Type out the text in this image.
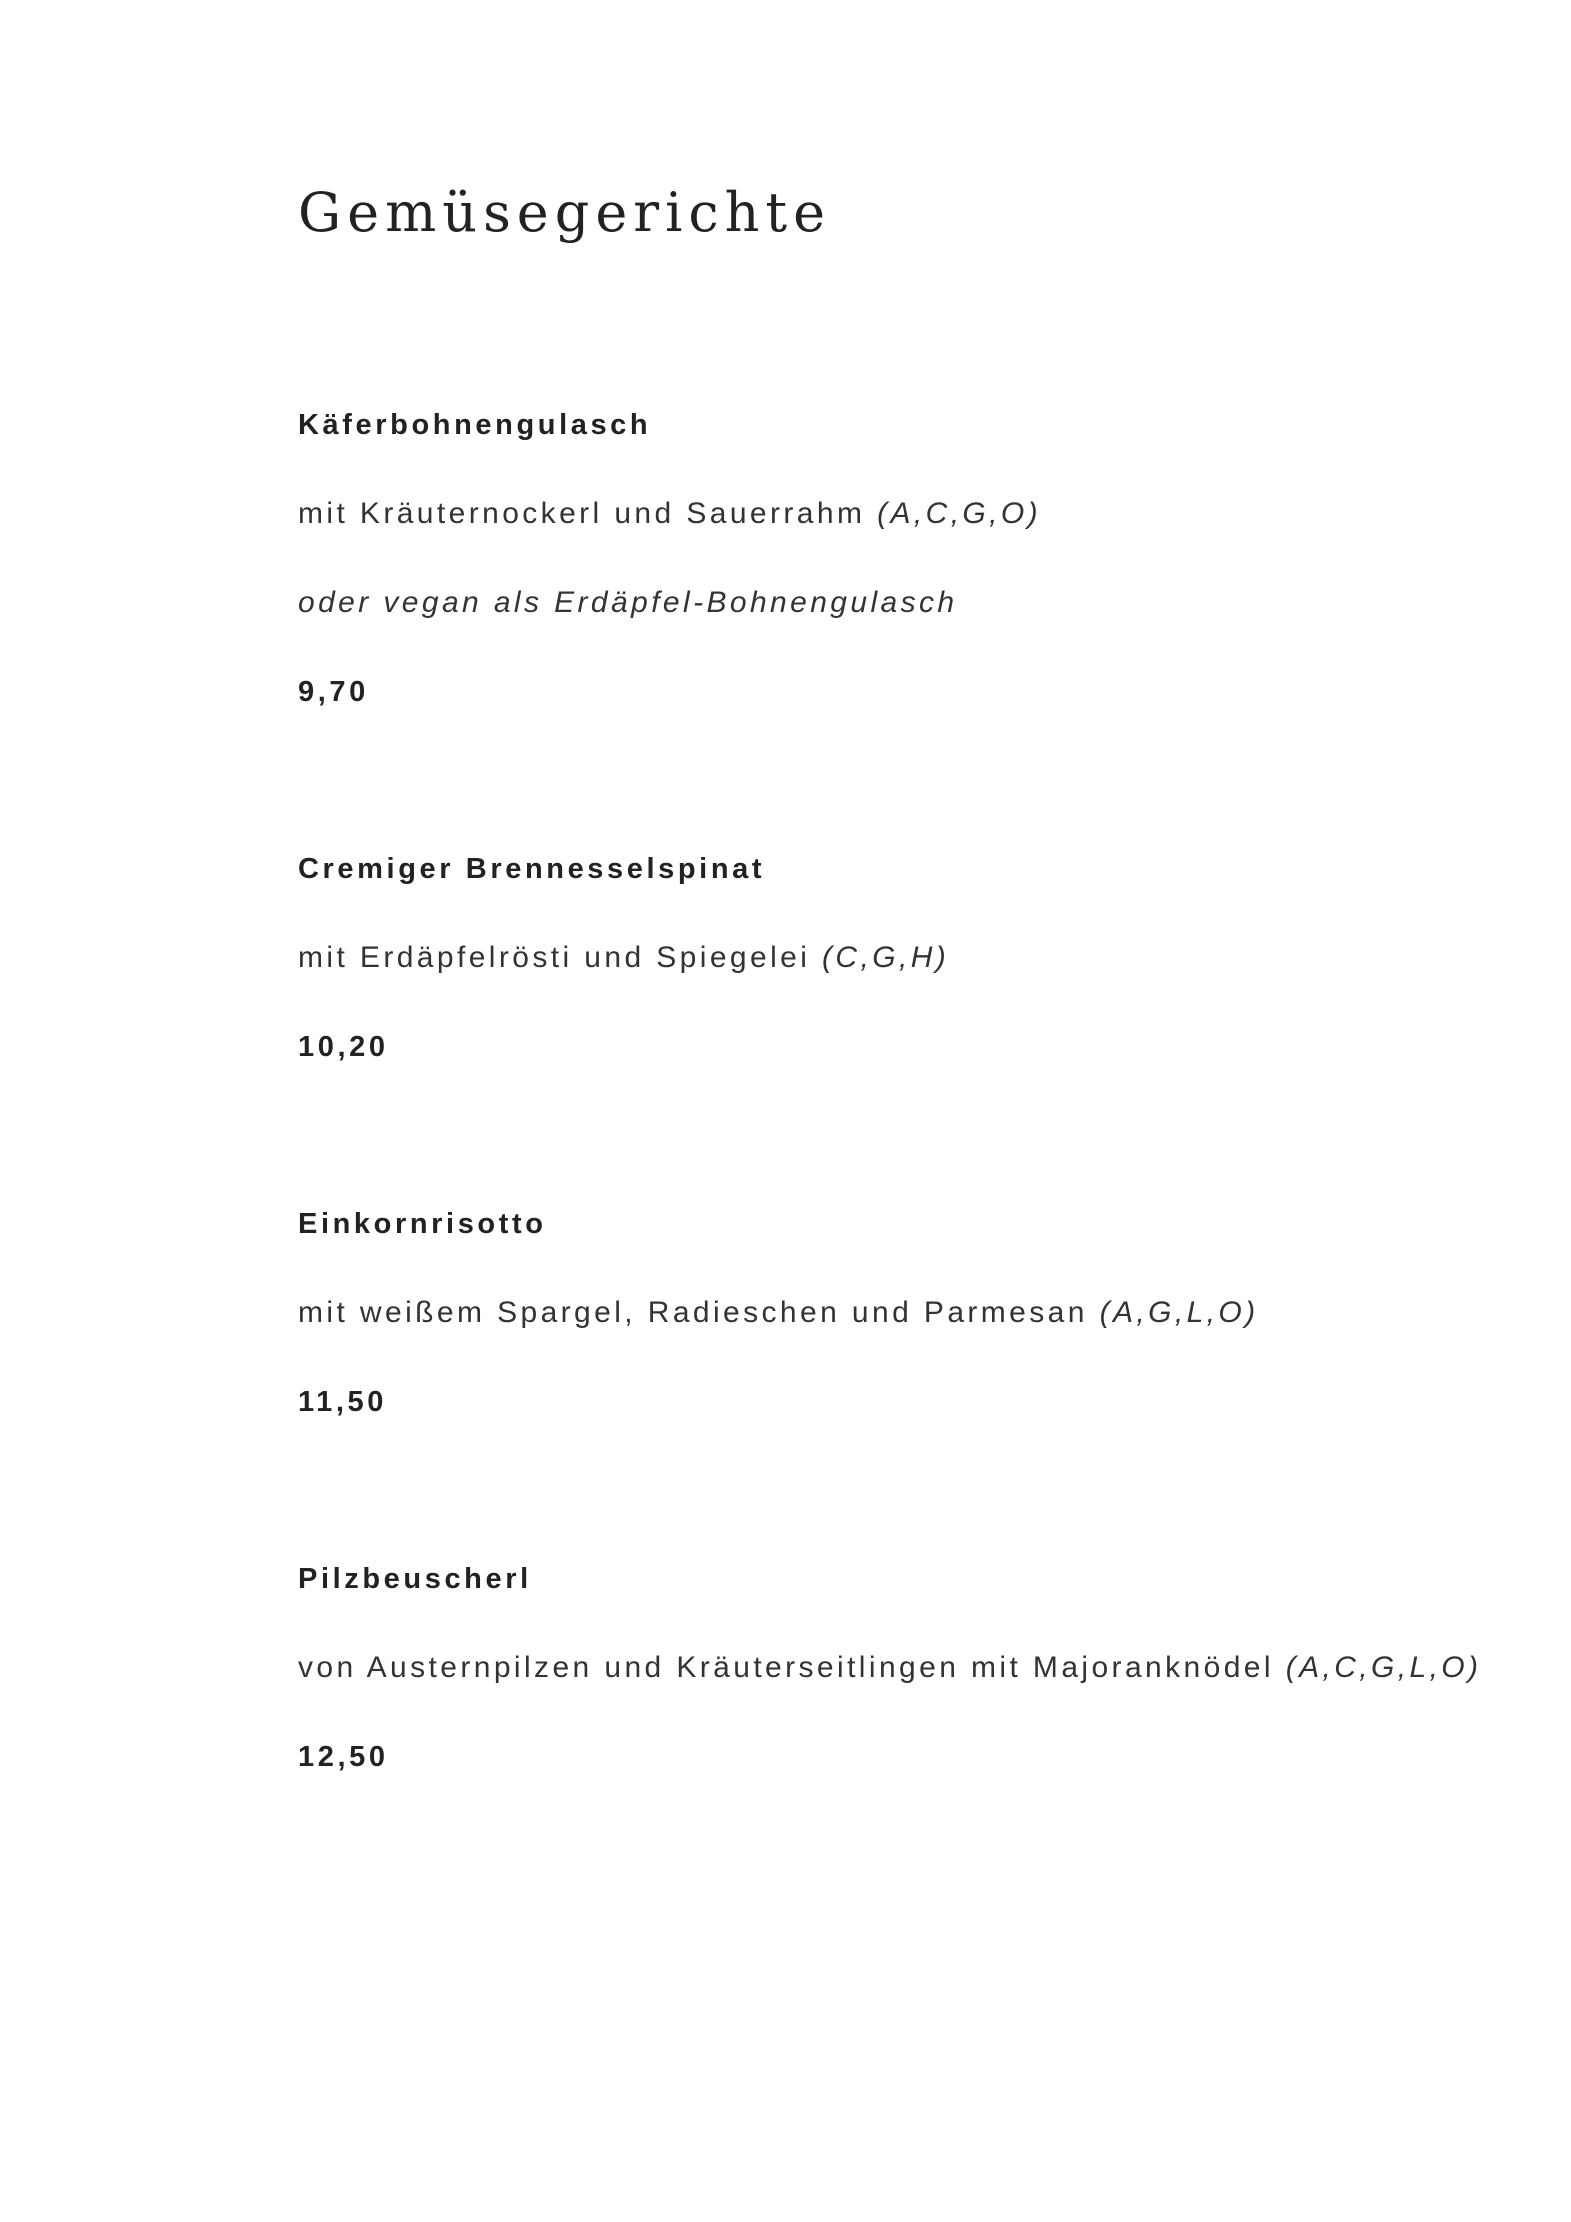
Gemüsegerichte

Käferbohnengulasch

mit Kräuternockerl und Sauerrahm (A,C,G,O)

oder vegan als Erdäpfel-Bohnengulasch

9,70

Cremiger Brennesselspinat

mit Erdäpfelrösti und Spiegelei (C,G,H)

10,20

Einkornrisotto

mit weißem Spargel, Radieschen und Parmesan (A,G,L,O)

11,50

Pilzbeuscherl

von Austernpilzen und Kräuterseitlingen mit Majoranknödel (A,C,G,L,O)

12,50
